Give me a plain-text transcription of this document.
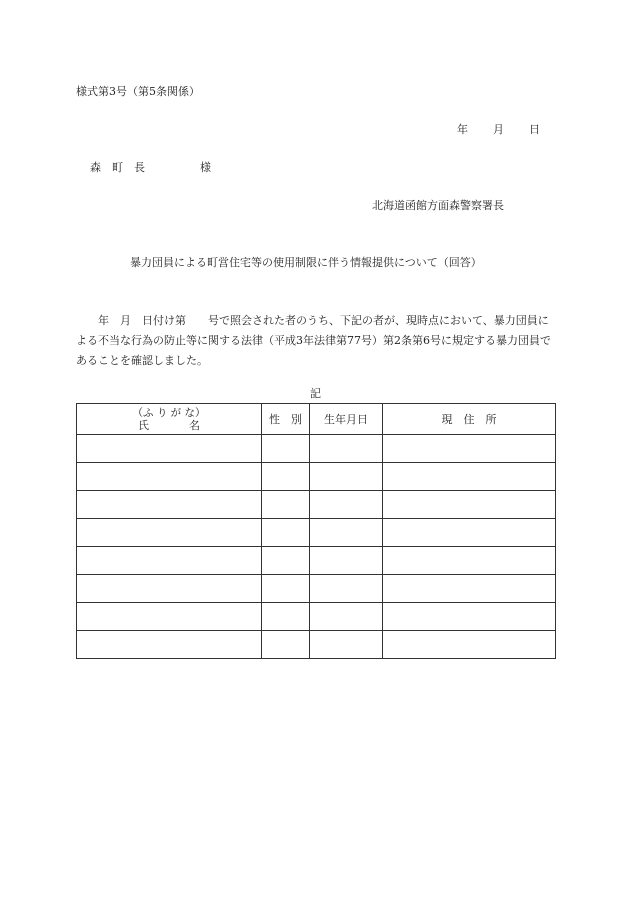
様式第3号（第5条関係）
年 月 日
森　町　長　　　　　様
北海道函館方面森警察署長
暴力団員による町営住宅等の使用制限に伴う情報提供について（回答）
　　年　月　日付け第　　号で照会された者のうち、下記の者が、現時点において、暴力団員による不当な行為の防止等に関する法律（平成3年法律第77号）第2条第6号に規定する暴力団員であることを確認しました。
記
（ふ り が な）
氏名	性　別	生年月日	現　住　所
